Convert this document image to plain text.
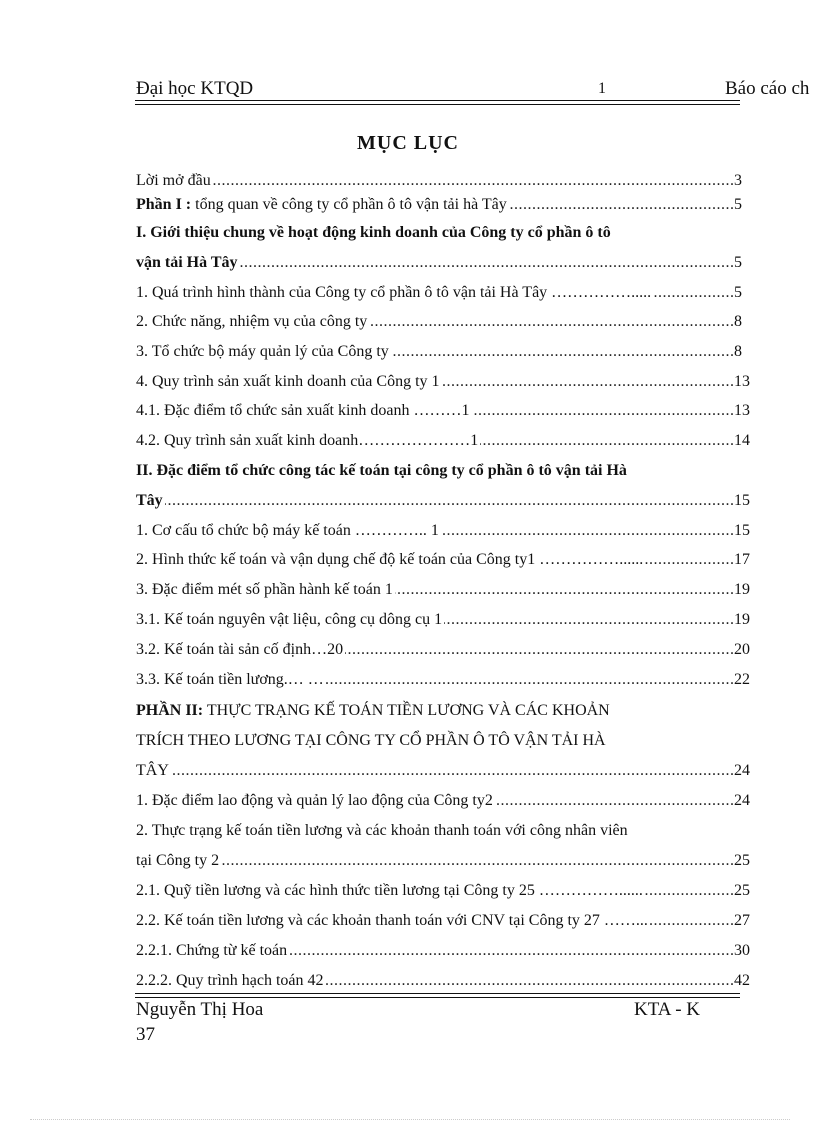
Đại học KTQD	1	Báo cáo ch
MỤC LỤC
.....
Lời mở đầu	3
.....
Phần I : tổng quan về công ty cổ phần ô tô vận tải hà Tây	5
I. Giới thiệu chung về hoạt động kinh doanh của Công ty cổ phần ô tô
.....
vận tải Hà Tây	5
.....
1. Quá trình hình thành của Công ty cổ phần ô tô vận tải Hà Tây …………….....	5
.....
2. Chức năng, nhiệm vụ của công ty	8
.....
3. Tổ chức bộ máy quản lý của Công ty	8
.....
4. Quy trình sản xuất kinh doanh của Công ty 1	13
.....
4.1. Đặc điểm tổ chức sản xuất kinh doanh ………1	13
.....
4.2. Quy trình sản xuất kinh doanh…………………1	14
II. Đặc điểm tổ chức công tác kế toán tại công ty cổ phần ô tô vận tải Hà
.....
Tây	15
.....
1. Cơ cấu tổ chức bộ máy kế toán ………….. 1	15
.....
2. Hình thức kế toán và vận dụng chế độ kế toán của Công ty1 ……………......	17
.....
3. Đặc điểm mét số phần hành kế toán 1	19
.....
3.1. Kế toán nguyên vật liệu, công cụ dông cụ 1	19
.....
3.2. Kế toán tài sản cố định…20	20
.....
3.3. Kế toán tiền lương.… …	22
PHẦN II: THỰC TRẠNG KẾ TOÁN TIỀN LƯƠNG VÀ CÁC KHOẢN
TRÍCH THEO LƯƠNG TẠI CÔNG TY CỔ PHẦN Ô TÔ VẬN TẢI HÀ
.....
TÂY	24
.....
1. Đặc điểm lao động và quản lý lao động của Công ty2	24
2. Thực trạng kế toán tiền lương và các khoản thanh toán với công nhân viên
.....
tại Công ty 2	25
.....
2.1. Quỹ tiền lương và các hình thức tiền lương tại Công ty 25 ……………......	25
.....
2.2. Kế toán tiền lương và các khoản thanh toán với CNV tại Công ty 27 ……...	27
.....
2.2.1. Chứng từ kế toán	30
.....
2.2.2. Quy trình hạch toán 42	42
Nguyễn Thị Hoa	KTA - K
37
